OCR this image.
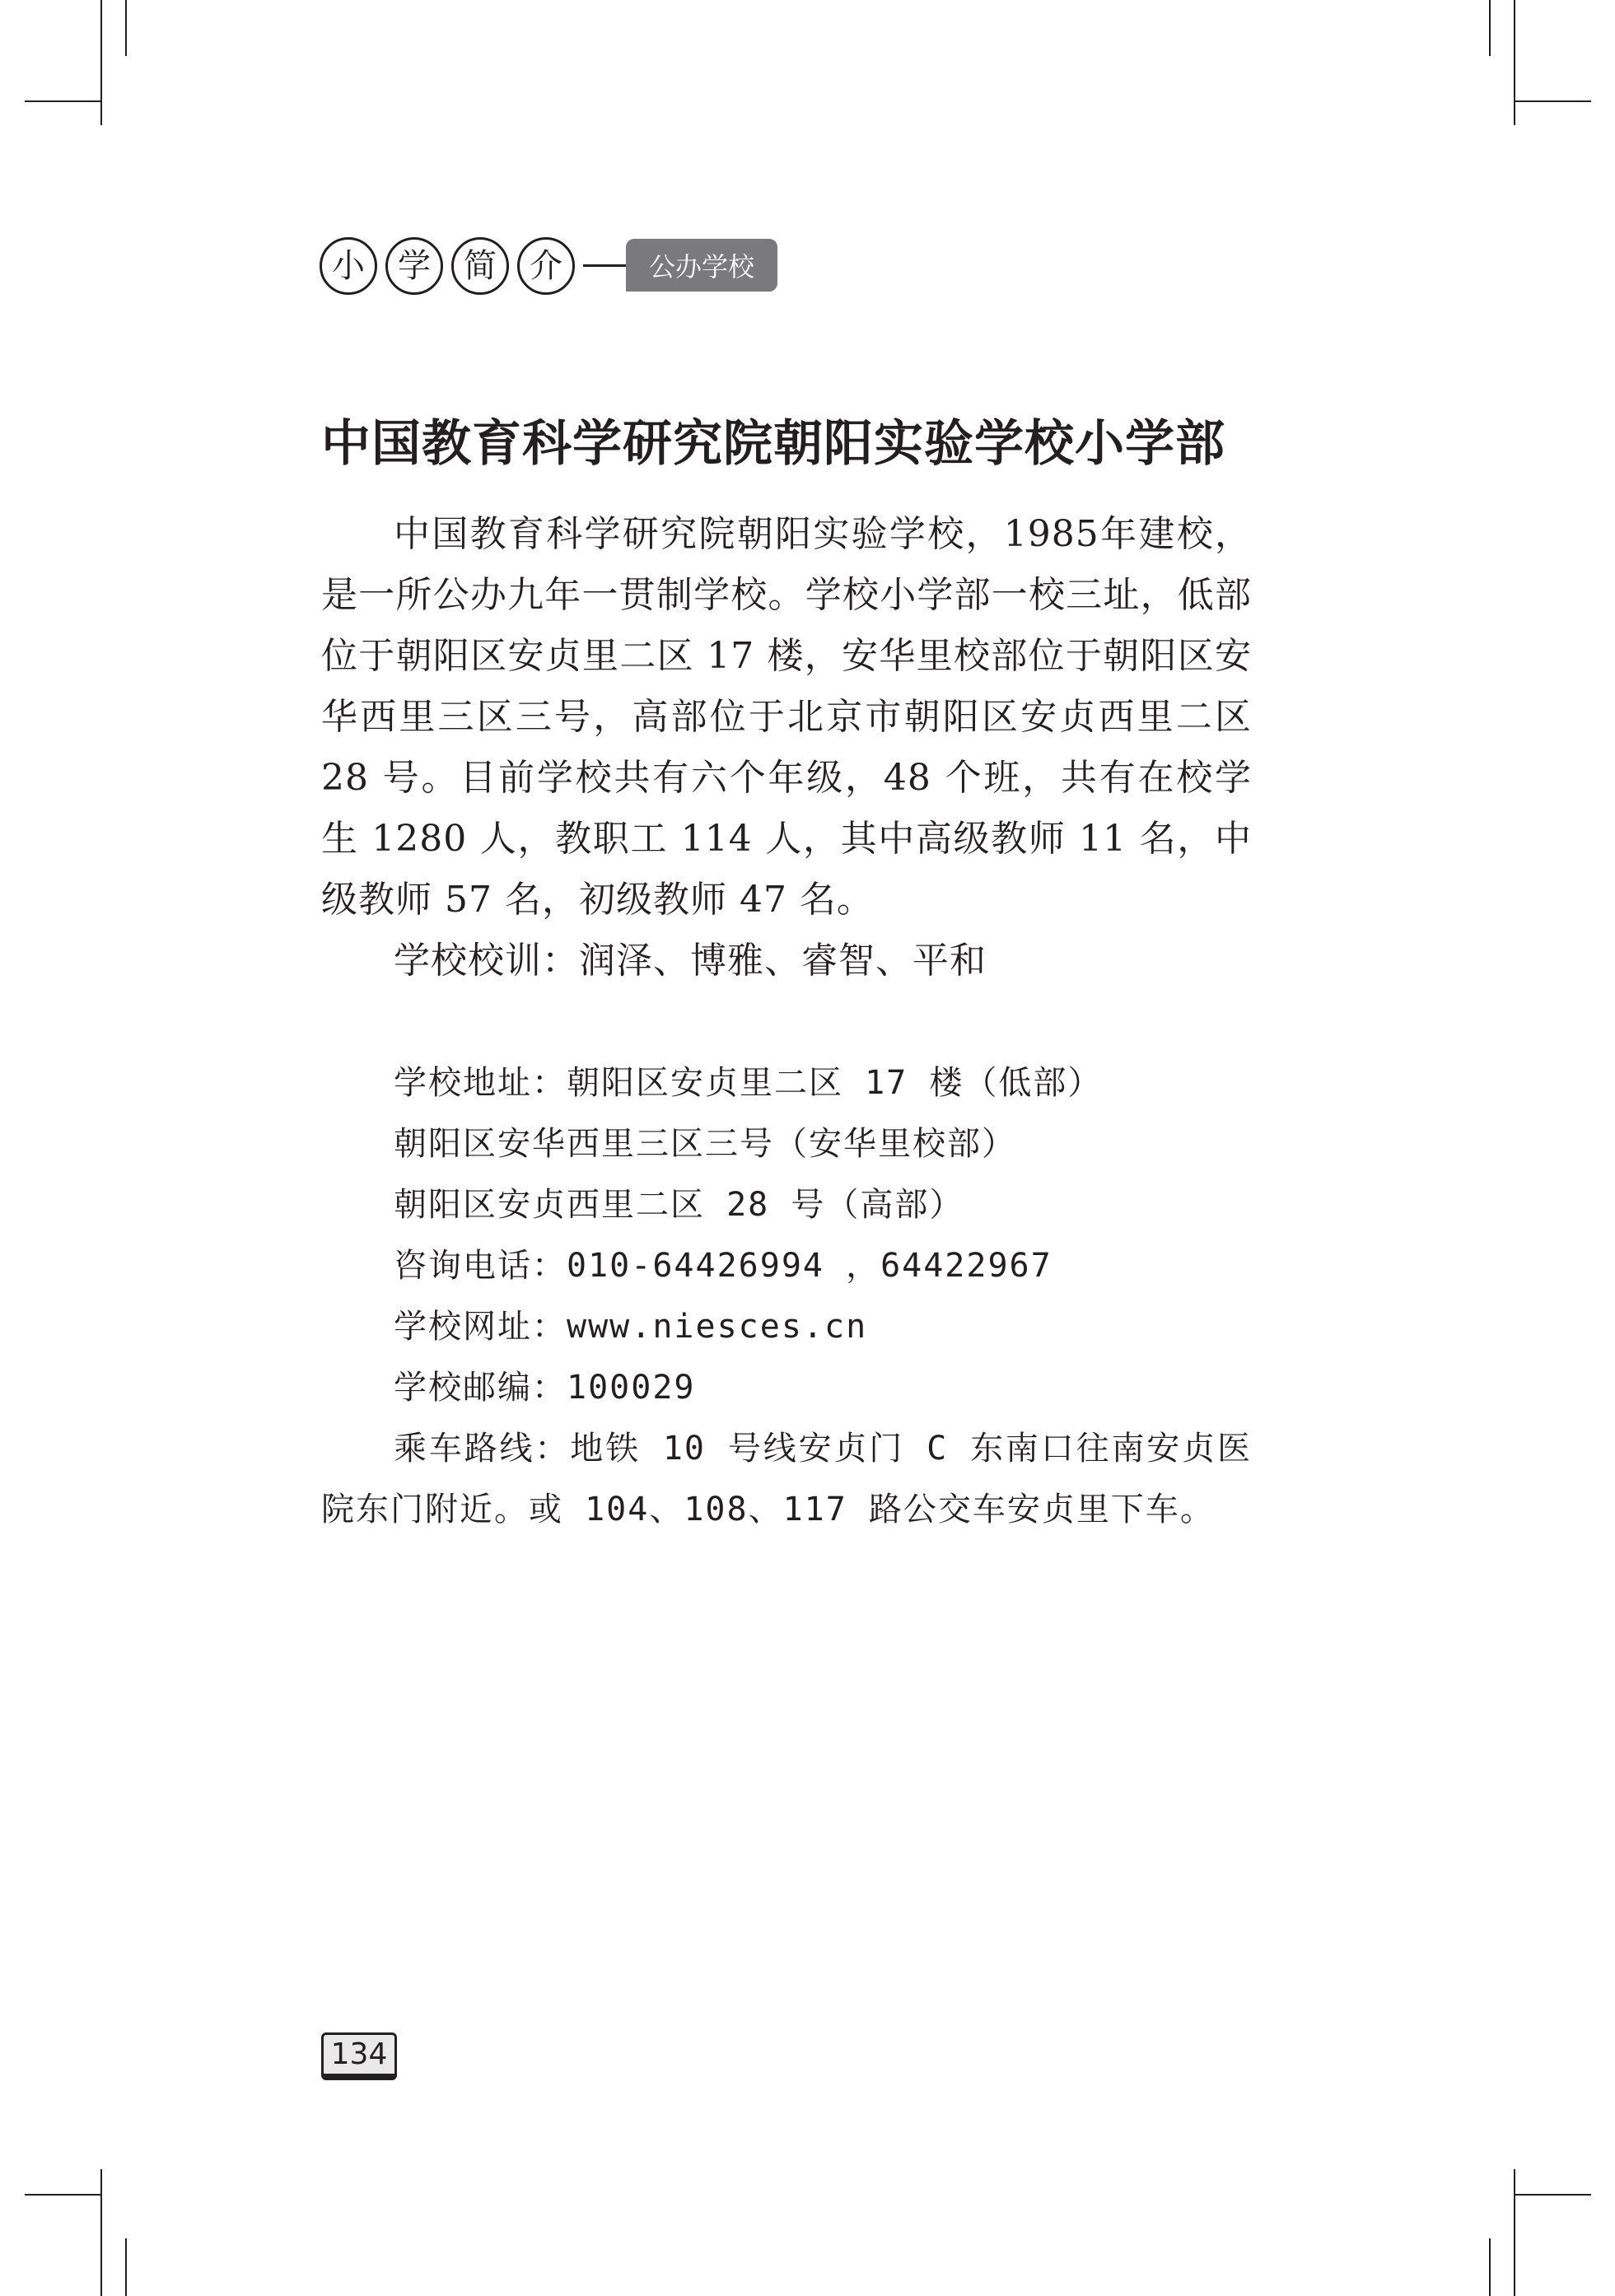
小	学	简	介	公办学校
中国教育科学研究院朝阳实验学校小学部

中国教育科学研究院朝阳实验学校，1985年建校，是一所公办九年一贯制学校。学校小学部一校三址，低部位于朝阳区安贞里二区 17 楼，安华里校部位于朝阳区安华西里三区三号，高部位于北京市朝阳区安贞西里二区 28 号。目前学校共有六个年级，48 个班，共有在校学生 1280 人，教职工 114 人，其中高级教师 11 名，中级教师 57 名，初级教师 47 名。

学校校训：润泽、博雅、睿智、平和

学校地址：朝阳区安贞里二区 17 楼（低部）
朝阳区安华西里三区三号（安华里校部）
朝阳区安贞西里二区 28 号（高部）
咨询电话：010-64426994 ，64422967
学校网址：www.niesces.cn
学校邮编：100029
乘车路线：地铁 10 号线安贞门 C 东南口往南安贞医院东门附近。或 104、108、117 路公交车安贞里下车。
134
